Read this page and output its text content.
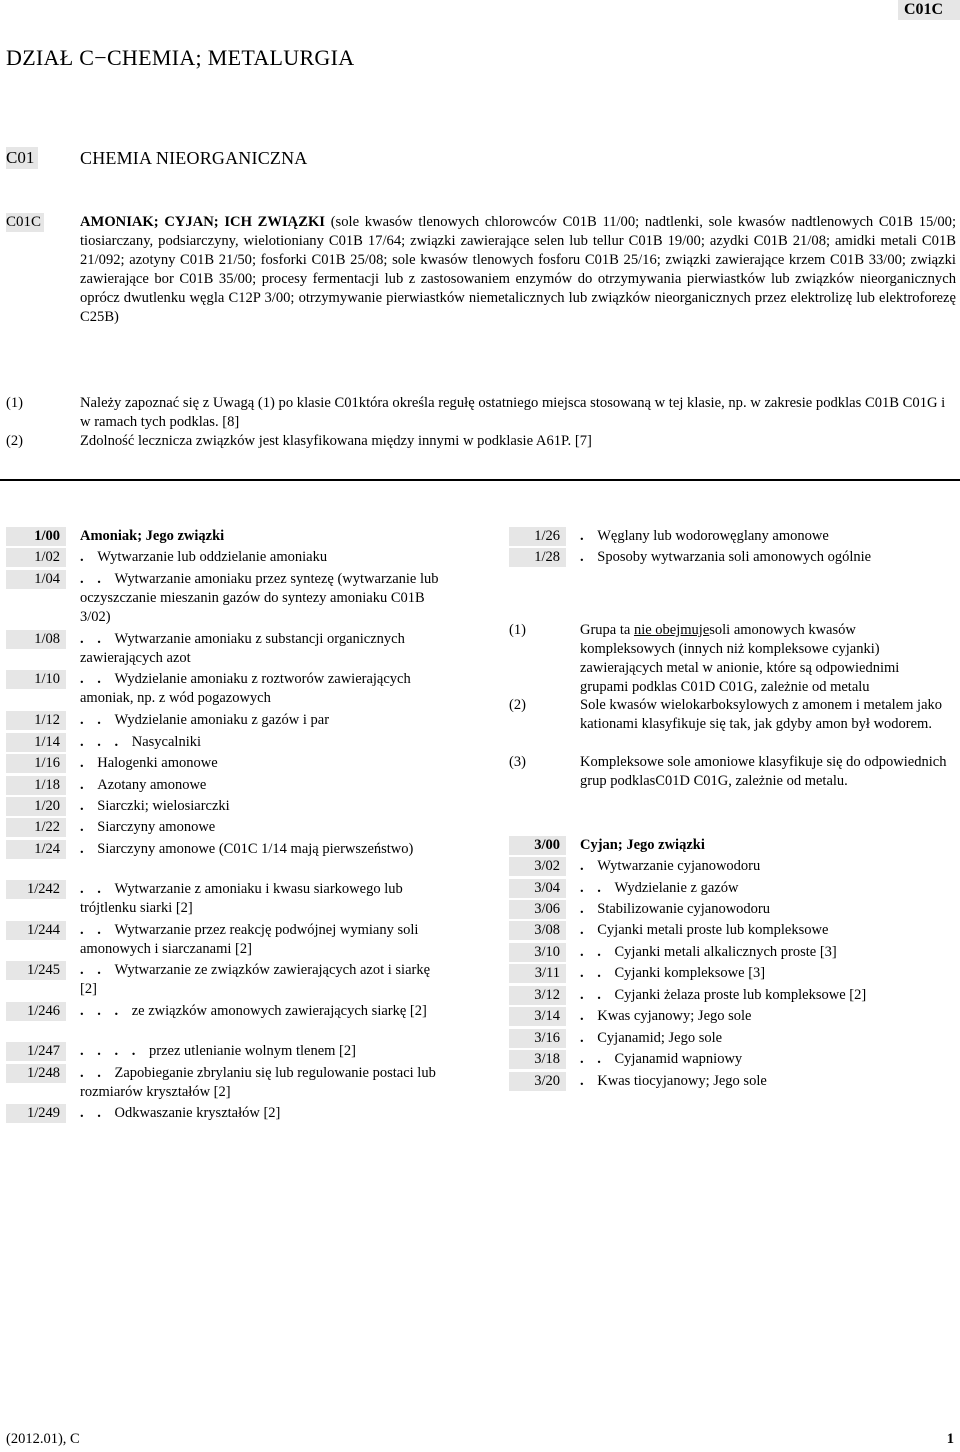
C01C
DZIAŁ C−CHEMIA; METALURGIA
C01	CHEMIA NIEORGANICZNA
C01C	AMONIAK; CYJAN; ICH ZWIĄZKI (sole kwasów tlenowych chlorowców C01B 11/00; nadtlenki, sole kwasów nadtlenowych C01B 15/00; tiosiarczany, podsiarczyny, wielotioniany C01B 17/64; związki zawierające selen lub tellur C01B 19/00; azydki C01B 21/08; amidki metali C01B 21/092; azotyny C01B 21/50; fosforki C01B 25/08; sole kwasów tlenowych fosforu C01B 25/16; związki zawierające krzem C01B 33/00; związki zawierające bor C01B 35/00; procesy fermentacji lub z zastosowaniem enzymów do otrzymywania pierwiastków lub związków nieorganicznych oprócz dwutlenku węgla C12P 3/00; otrzymywanie pierwiastków niemetalicznych lub związków nieorganicznych przez elektrolizę lub elektroforezę C25B)
(1)	Należy zapoznać się z Uwagą (1) po klasie C01która określa regułę ostatniego miejsca stosowaną w tej klasie, np. w zakresie podklas C01B C01G i w ramach tych podklas. [8]
(2)	Zdolność lecznicza związków jest klasyfikowana między innymi w podklasie A61P. [7]
1/00	Amoniak; Jego związki
1/02	. Wytwarzanie lub oddzielanie amoniaku
1/04	. . Wytwarzanie amoniaku przez syntezę (wytwarzanie lub oczyszczanie mieszanin gazów do syntezy amoniaku C01B 3/02)
1/08	. . Wytwarzanie amoniaku z substancji organicznych zawierających azot
1/10	. . Wydzielanie amoniaku z roztworów zawierających amoniak, np. z wód pogazowych
1/12	. . Wydzielanie amoniaku z gazów i par
1/14	. . . Nasycalniki
1/16	. Halogenki amonowe
1/18	. Azotany amonowe
1/20	. Siarczki; wielosiarczki
1/22	. Siarczyny amonowe
1/24	. Siarczyny amonowe (C01C 1/14 mają pierwszeństwo)
1/242	. . Wytwarzanie z amoniaku i kwasu siarkowego lub trójtlenku siarki [2]
1/244	. . Wytwarzanie przez reakcję podwójnej wymiany soli amonowych i siarczanami [2]
1/245	. . Wytwarzanie ze związków zawierających azot i siarkę [2]
1/246	. . . ze związków amonowych zawierających siarkę [2]
1/247	. . . . przez utlenianie wolnym tlenem [2]
1/248	. . Zapobieganie zbrylaniu się lub regulowanie postaci lub rozmiarów kryształów [2]
1/249	. . Odkwaszanie kryształów [2]
1/26	. Węglany lub wodorowęglany amonowe
1/28	. Sposoby wytwarzania soli amonowych ogólnie
3/00	Cyjan; Jego związki
3/02	. Wytwarzanie cyjanowodoru
3/04	. . Wydzielanie z gazów
3/06	. Stabilizowanie cyjanowodoru
3/08	. Cyjanki metali proste lub kompleksowe
3/10	. . Cyjanki metali alkalicznych proste [3]
3/11	. . Cyjanki kompleksowe [3]
3/12	. . Cyjanki żelaza proste lub kompleksowe [2]
3/14	. Kwas cyjanowy; Jego sole
3/16	. Cyjanamid; Jego sole
3/18	. . Cyjanamid wapniowy
3/20	. Kwas tiocyjanowy; Jego sole
(1)	Grupa ta nie obejmujesoli amonowych kwasów kompleksowych (innych niż kompleksowe cyjanki) zawierających metal w anionie, które są odpowiednimi grupami podklas C01D C01G, zależnie od metalu
(2)	Sole kwasów wielokarboksylowych z amonem i metalem jako kationami klasyfikuje się tak, jak gdyby amon był wodorem.
(3)	Kompleksowe sole amoniowe klasyfikuje się do odpowiednich grup podklasC01D C01G, zależnie od metalu.
(2012.01), C	1
